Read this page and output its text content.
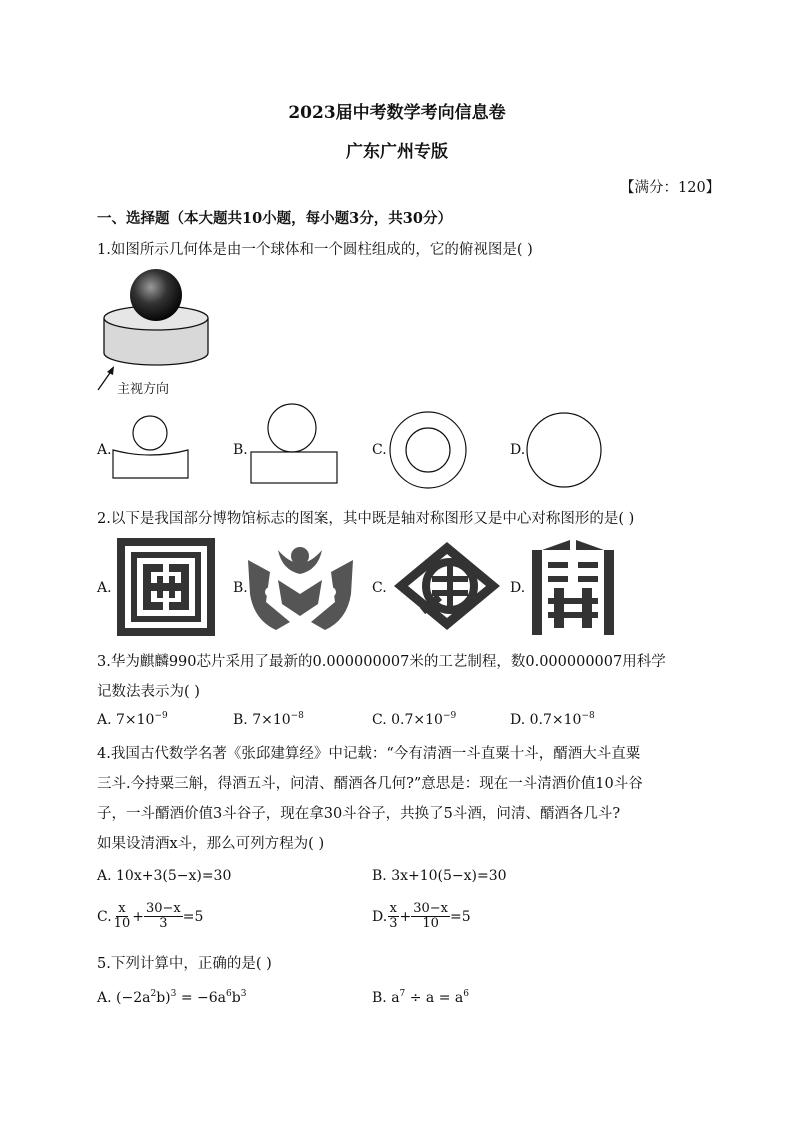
2023届中考数学考向信息卷
广东广州专版
【满分：120】
一、选择题（本大题共10小题，每小题3分，共30分）
1.如图所示几何体是由一个球体和一个圆柱组成的，它的俯视图是( )
主视方向
A.	B.	C.	D.
2.以下是我国部分博物馆标志的图案，其中既是轴对称图形又是中心对称图形的是( )
A.	B.	C.	D.
3.华为麒麟990芯片采用了最新的0.000000007米的工艺制程，数0.000000007用科学
记数法表示为( )
A. $7\times 10^{-9}$	B. $7\times 10^{-8}$	C. $0.7\times 10^{-9}$	D. $0.7\times 10^{-8}$
4.我国古代数学名著《张邱建算经》中记载：“今有清酒一斗直粟十斗，醑酒大斗直粟
三斗.今持粟三斛，得酒五斗，问清、醑酒各几何?”意思是：现在一斗清酒价值10斗谷
子，一斗醑酒价值3斗谷子，现在拿30斗谷子，共换了5斗酒，问清、醑酒各几斗?
如果设清酒x斗，那么可列方程为( )
A. 10x+3(5−x)=30	B. 3x+10(5−x)=30
C. $\frac{x}{10} + \frac{30-x}{3} =5$	D. $\frac{x}{3} + \frac{30-x}{10} =5$
5.下列计算中，正确的是( )
A. $(-2a^2b)^3 = -6a^6b^3$	B. $a^7 \div a = a^6$
